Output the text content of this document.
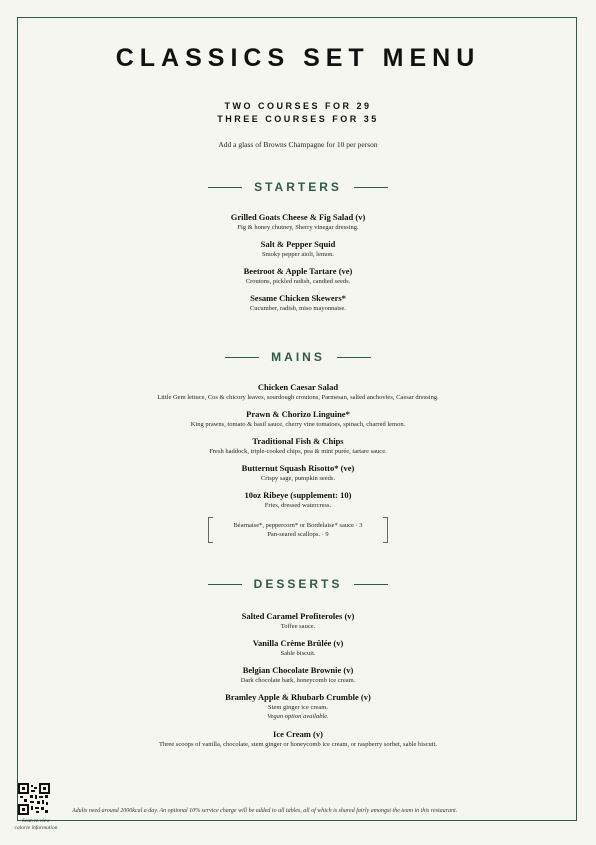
CLASSICS SET MENU
TWO COURSES FOR 29
THREE COURSES FOR 35
Add a glass of Browns Champagne for 10 per person
STARTERS
Grilled Goats Cheese & Fig Salad (v)
Fig & honey chutney, Sherry vinegar dressing.
Salt & Pepper Squid
Smoky pepper aioli, lemon.
Beetroot & Apple Tartare (ve)
Croutons, pickled radish, candied seeds.
Sesame Chicken Skewers*
Cucumber, radish, miso mayonnaise.
MAINS
Chicken Caesar Salad
Little Gem lettuce, Cos & chicory leaves, sourdough croutons, Parmesan, salted anchovies, Caesar dressing.
Prawn & Chorizo Linguine*
King prawns, tomato & basil sauce, cherry vine tomatoes, spinach, charred lemon.
Traditional Fish & Chips
Fresh haddock, triple-cooked chips, pea & mint purée, tartare sauce.
Butternut Squash Risotto* (ve)
Crispy sage, pumpkin seeds.
10oz Ribeye (supplement: 10)
Fries, dressed watercress.
Béarnaise*, peppercorn* or Bordelaise* sauce · 3
Pan-seared scallops. · 9
DESSERTS
Salted Caramel Profiteroles (v)
Toffee sauce.
Vanilla Crème Brûlée (v)
Sable biscuit.
Belgian Chocolate Brownie (v)
Dark chocolate bark, honeycomb ice cream.
Bramley Apple & Rhubarb Crumble (v)
Stem ginger ice cream.
Vegan option available.
Ice Cream (v)
Three scoops of vanilla, chocolate, stem ginger or honeycomb ice cream, or raspberry sorbet, sable biscuit.
Scan to view
calorie information
Adults need around 2000kcal a day. An optional 10% service charge will be added to all tables, all of which is shared fairly amongst the team in this restaurant.
